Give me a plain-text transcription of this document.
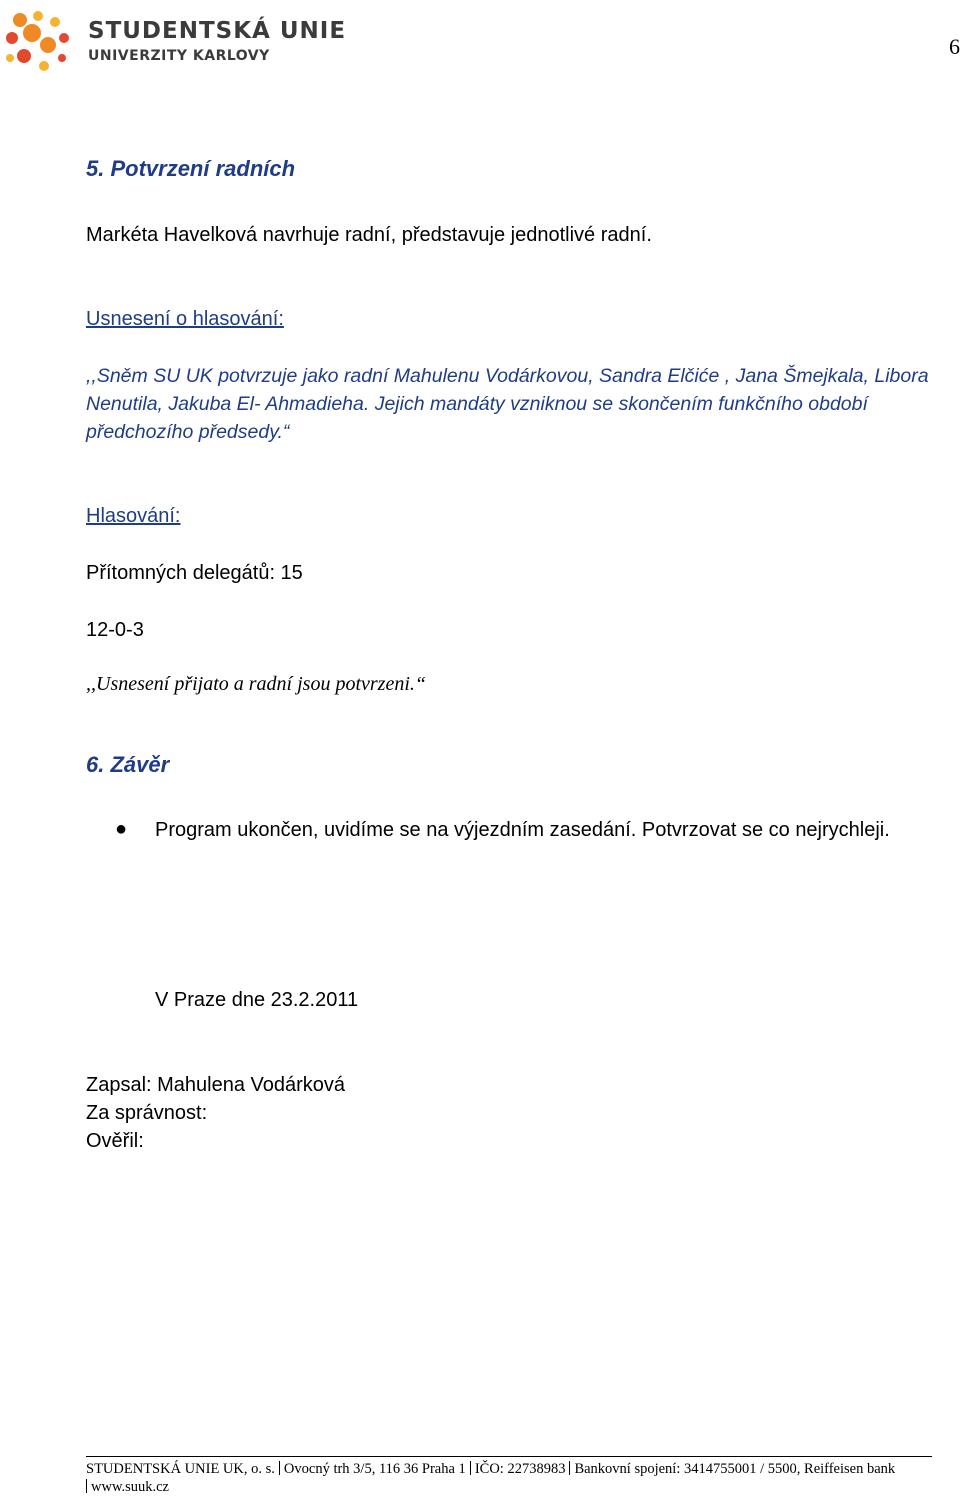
STUDENTSKÁ UNIE
UNIVERZITY KARLOVY	6
5. Potvrzení radních
Markéta Havelková navrhuje radní, představuje jednotlivé radní.
Usnesení o hlasování:
,,Sněm SU UK potvrzuje jako radní Mahulenu Vodárkovou, Sandra Elčiće , Jana Šmejkala, Libora Nenutila, Jakuba El- Ahmadieha. Jejich mandáty vzniknou se skončením funkčního období předchozího předsedy.“
Hlasování:
Přítomných delegátů: 15
12-0-3
,,Usnesení přijato a radní jsou potvrzeni.“
6. Závěr
● Program ukončen, uvidíme se na výjezdním zasedání. Potvrzovat se co nejrychleji.
V Praze dne 23.2.2011
Zapsal: Mahulena Vodárková
Za správnost:
Ověřil:
STUDENTSKÁ UNIE UK, o. s. Ovocný trh 3/5, 116 36 Praha 1 IČO: 22738983 Bankovní spojení: 3414755001 / 5500, Reiffeisen bank
www.suuk.cz
